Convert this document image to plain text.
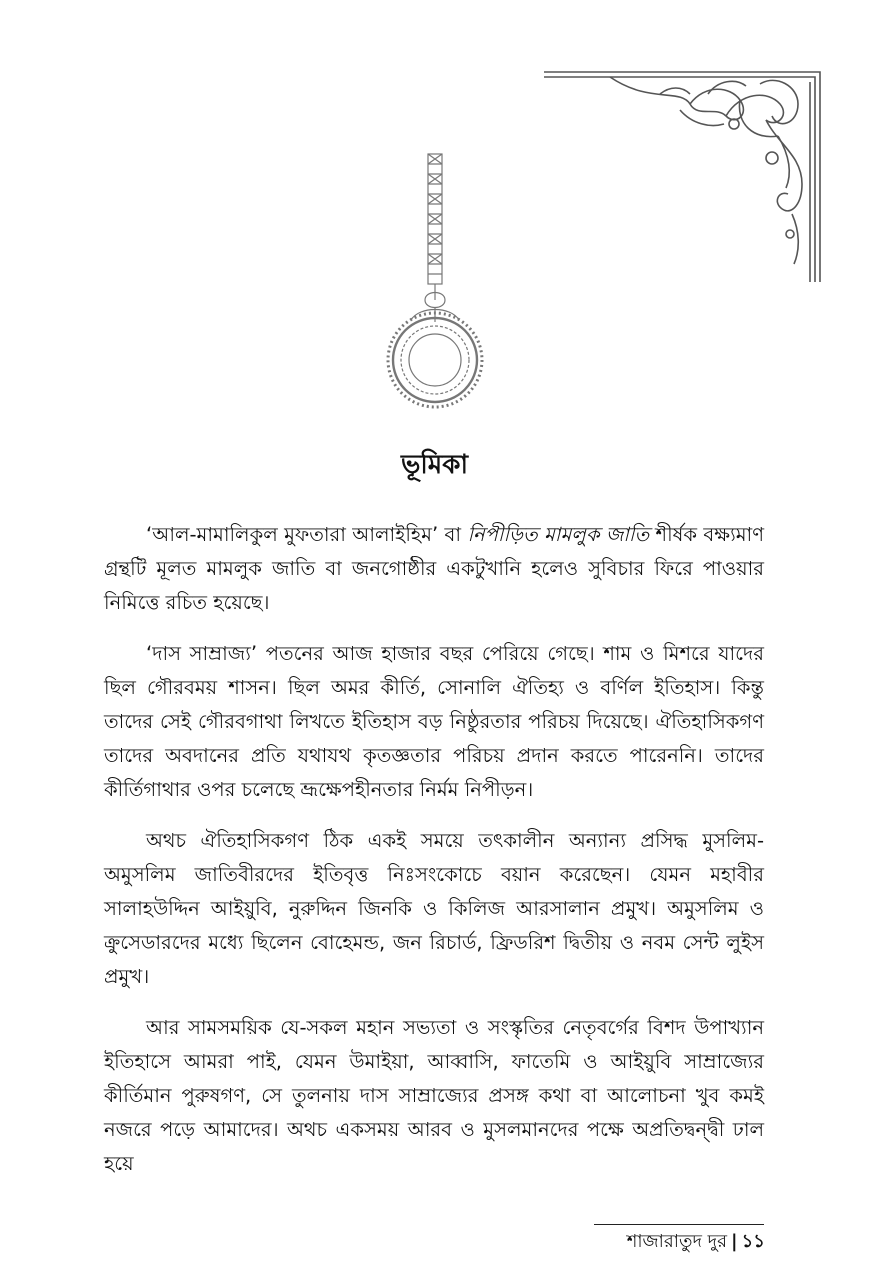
ভূমিকা

‘আল-মামালিকুল মুফতারা আলাইহিম’ বা নিপীড়িত মামলুক জাতি শীর্ষক বক্ষ্যমাণ গ্রন্থটি মূলত মামলুক জাতি বা জনগোষ্ঠীর একটুখানি হলেও সুবিচার ফিরে পাওয়ার নিমিত্তে রচিত হয়েছে।

‘দাস সাম্রাজ্য’ পতনের আজ হাজার বছর পেরিয়ে গেছে। শাম ও মিশরে যাদের ছিল গৌরবময় শাসন। ছিল অমর কীর্তি, সোনালি ঐতিহ্য ও বর্ণিল ইতিহাস। কিন্তু তাদের সেই গৌরবগাথা লিখতে ইতিহাস বড় নিষ্ঠুরতার পরিচয় দিয়েছে। ঐতিহাসিকগণ তাদের অবদানের প্রতি যথাযথ কৃতজ্ঞতার পরিচয় প্রদান করতে পারেননি। তাদের কীর্তিগাথার ওপর চলেছে ভ্রূক্ষেপহীনতার নির্মম নিপীড়ন।

অথচ ঐতিহাসিকগণ ঠিক একই সময়ে তৎকালীন অন্যান্য প্রসিদ্ধ মুসলিম-অমুসলিম জাতিবীরদের ইতিবৃত্ত নিঃসংকোচে বয়ান করেছেন। যেমন মহাবীর সালাহউদ্দিন আইয়ুবি, নুরুদ্দিন জিনকি ও কিলিজ আরসালান প্রমুখ। অমুসলিম ও ক্রুসেডারদের মধ্যে ছিলেন বোহেমন্ড, জন রিচার্ড, ফ্রিডরিশ দ্বিতীয় ও নবম সেন্ট লুইস প্রমুখ।

আর সামসময়িক যে-সকল মহান সভ্যতা ও সংস্কৃতির নেতৃবর্গের বিশদ উপাখ্যান ইতিহাসে আমরা পাই, যেমন উমাইয়া, আব্বাসি, ফাতেমি ও আইয়ুবি সাম্রাজ্যের কীর্তিমান পুরুষগণ, সে তুলনায় দাস সাম্রাজ্যের প্রসঙ্গ কথা বা আলোচনা খুব কমই নজরে পড়ে আমাদের। অথচ একসময় আরব ও মুসলমানদের পক্ষে অপ্রতিদ্বন্দ্বী ঢাল হয়ে

শাজারাতুদ দুর | ১১
